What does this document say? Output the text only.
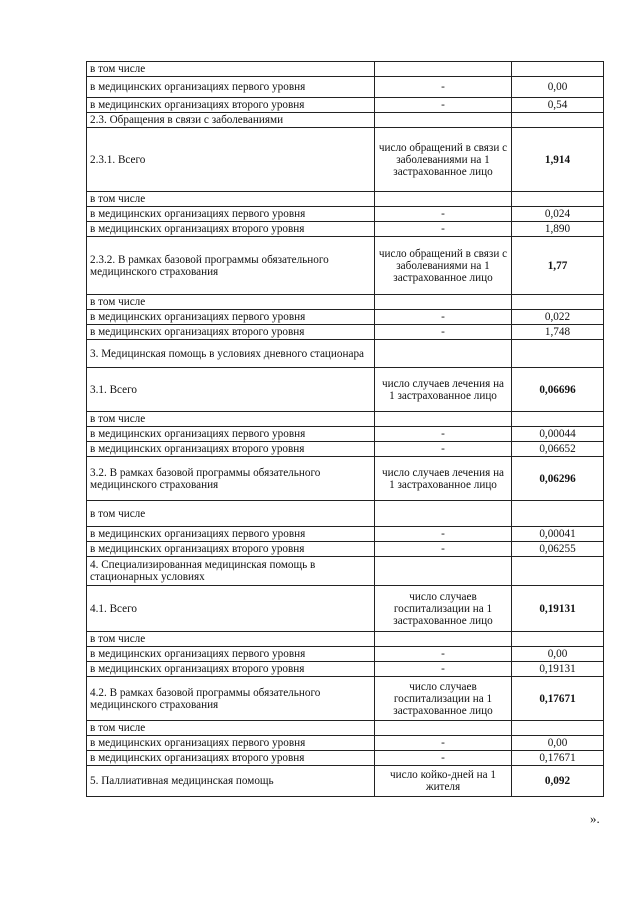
в том числе		
в медицинских организациях первого уровня	-	0,00
в медицинских организациях второго уровня	-	0,54
2.3. Обращения в связи с заболеваниями		
2.3.1. Всего	число обращений в связи с заболеваниями на 1 застрахованное лицо	1,914
в том числе		
в медицинских организациях первого уровня	-	0,024
в медицинских организациях второго уровня	-	1,890
2.3.2. В рамках базовой программы обязательного медицинского страхования	число обращений в связи с заболеваниями на 1 застрахованное лицо	1,77
в том числе		
в медицинских организациях первого уровня	-	0,022
в медицинских организациях второго уровня	-	1,748
3. Медицинская помощь в условиях дневного стационара		
3.1. Всего	число случаев лечения на 1 застрахованное лицо	0,06696
в том числе		
в медицинских организациях первого уровня	-	0,00044
в медицинских организациях второго уровня	-	0,06652
3.2. В рамках базовой программы обязательного медицинского страхования	число случаев лечения на 1 застрахованное лицо	0,06296
в том числе		
в медицинских организациях первого уровня	-	0,00041
в медицинских организациях второго уровня	-	0,06255
4. Специализированная медицинская помощь в стационарных условиях		
4.1. Всего	число случаев госпитализации на 1 застрахованное лицо	0,19131
в том числе		
в медицинских организациях первого уровня	-	0,00
в медицинских организациях второго уровня	-	0,19131
4.2. В рамках базовой программы обязательного медицинского страхования	число случаев госпитализации на 1 застрахованное лицо	0,17671
в том числе		
в медицинских организациях первого уровня	-	0,00
в медицинских организациях второго уровня	-	0,17671
5. Паллиативная медицинская помощь	число койко-дней на 1 жителя	0,092
».
